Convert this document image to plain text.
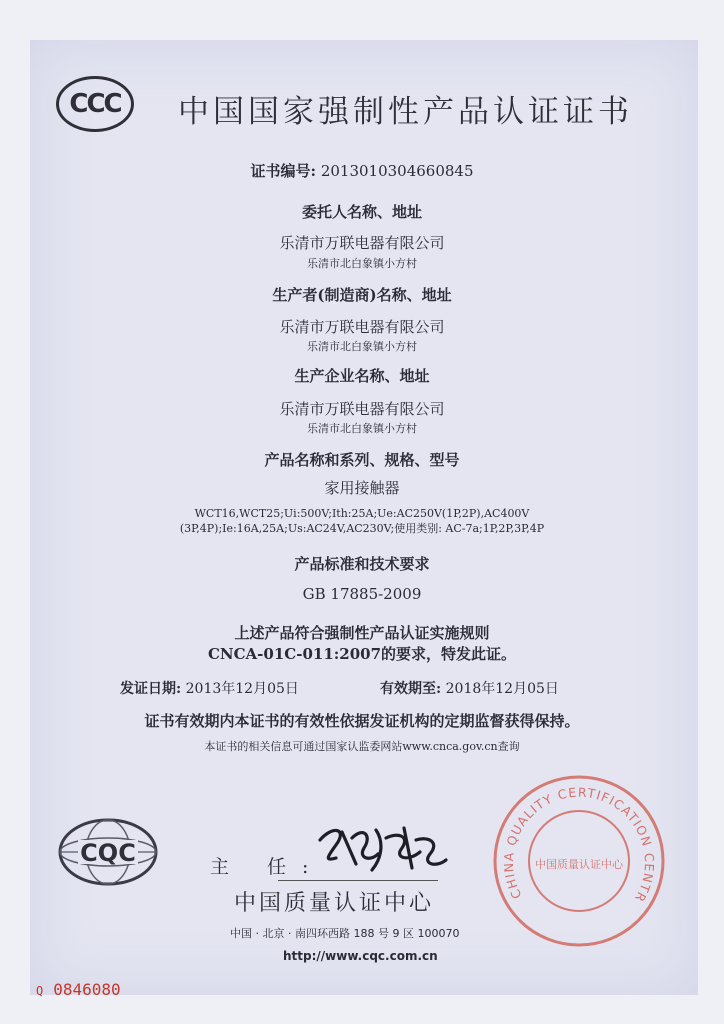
CCC 中国国家强制性产品认证证书
证书编号: 2013010304660845
委托人名称、地址
乐清市万联电器有限公司
乐清市北白象镇小方村
生产者(制造商)名称、地址
乐清市万联电器有限公司
乐清市北白象镇小方村
生产企业名称、地址
乐清市万联电器有限公司
乐清市北白象镇小方村
产品名称和系列、规格、型号
家用接触器
WCT16,WCT25;Ui:500V;Ith:25A;Ue:AC250V(1P,2P),AC400V
(3P,4P);Ie:16A,25A;Us:AC24V,AC230V;使用类别: AC-7a;1P,2P,3P,4P
产品标准和技术要求
GB 17885-2009
上述产品符合强制性产品认证实施规则
CNCA-01C-011:2007的要求，特发此证。
发证日期: 2013年12月05日	有效期至: 2018年12月05日
证书有效期内本证书的有效性依据发证机构的定期监督获得保持。
本证书的相关信息可通过国家认监委网站www.cnca.gov.cn查询
CQC	主 任:
中国质量认证中心
中国 · 北京 · 南四环西路 188 号 9 区 100070
http://www.cqc.com.cn
Q 0846080
CHINA QUALITY CERTIFICATION CENTR
中国质量认证中心
